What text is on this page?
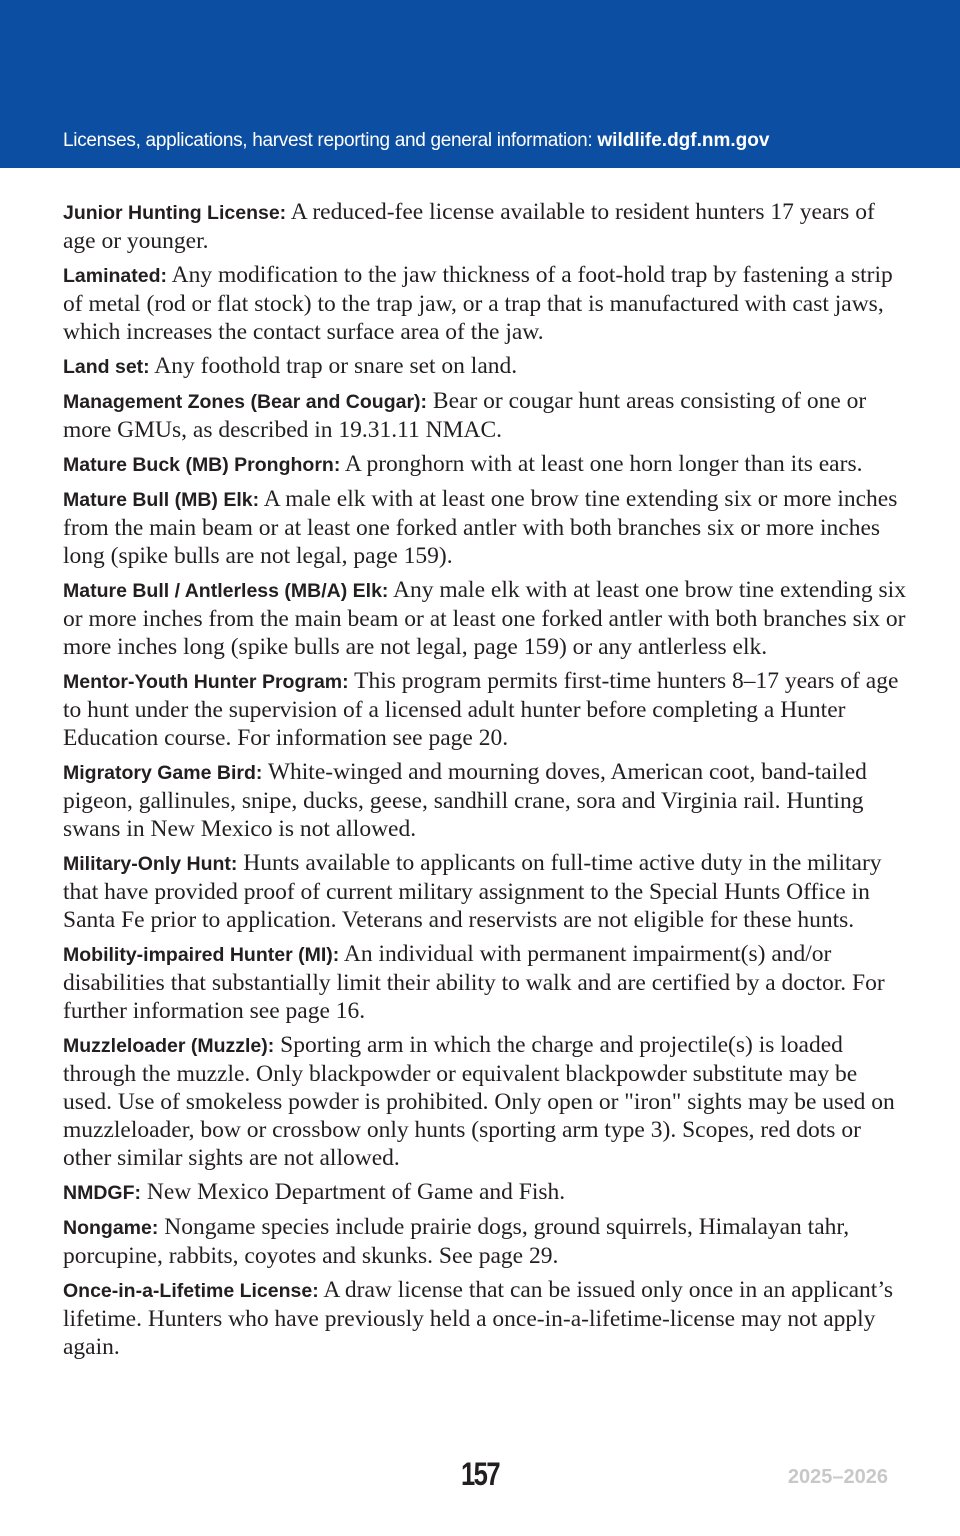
Licenses, applications, harvest reporting and general information: wildlife.dgf.nm.gov

Junior Hunting License: A reduced-fee license available to resident hunters 17 years of age or younger.

Laminated: Any modification to the jaw thickness of a foot-hold trap by fastening a strip of metal (rod or flat stock) to the trap jaw, or a trap that is manufactured with cast jaws, which increases the contact surface area of the jaw.

Land set: Any foothold trap or snare set on land.

Management Zones (Bear and Cougar): Bear or cougar hunt areas consisting of one or more GMUs, as described in 19.31.11 NMAC.

Mature Buck (MB) Pronghorn: A pronghorn with at least one horn longer than its ears.

Mature Bull (MB) Elk: A male elk with at least one brow tine extending six or more inches from the main beam or at least one forked antler with both branches six or more inches long (spike bulls are not legal, page 159).

Mature Bull / Antlerless (MB/A) Elk: Any male elk with at least one brow tine extending six or more inches from the main beam or at least one forked antler with both branches six or more inches long (spike bulls are not legal, page 159) or any antlerless elk.

Mentor-Youth Hunter Program: This program permits first-time hunters 8–17 years of age to hunt under the supervision of a licensed adult hunter before completing a Hunter Education course. For information see page 20.

Migratory Game Bird: White-winged and mourning doves, American coot, band-tailed pigeon, gallinules, snipe, ducks, geese, sandhill crane, sora and Virginia rail. Hunting swans in New Mexico is not allowed.

Military-Only Hunt: Hunts available to applicants on full-time active duty in the military that have provided proof of current military assignment to the Special Hunts Office in Santa Fe prior to application. Veterans and reservists are not eligible for these hunts.

Mobility-impaired Hunter (MI): An individual with permanent impairment(s) and/or disabilities that substantially limit their ability to walk and are certified by a doctor. For further information see page 16.

Muzzleloader (Muzzle): Sporting arm in which the charge and projectile(s) is loaded through the muzzle. Only blackpowder or equivalent blackpowder substitute may be used. Use of smokeless powder is prohibited. Only open or "iron" sights may be used on muzzleloader, bow or crossbow only hunts (sporting arm type 3). Scopes, red dots or other similar sights are not allowed.

NMDGF: New Mexico Department of Game and Fish.

Nongame: Nongame species include prairie dogs, ground squirrels, Himalayan tahr, porcupine, rabbits, coyotes and skunks. See page 29.

Once-in-a-Lifetime License: A draw license that can be issued only once in an applicant’s lifetime. Hunters who have previously held a once-in-a-lifetime-license may not apply again.

157	2025–2026
